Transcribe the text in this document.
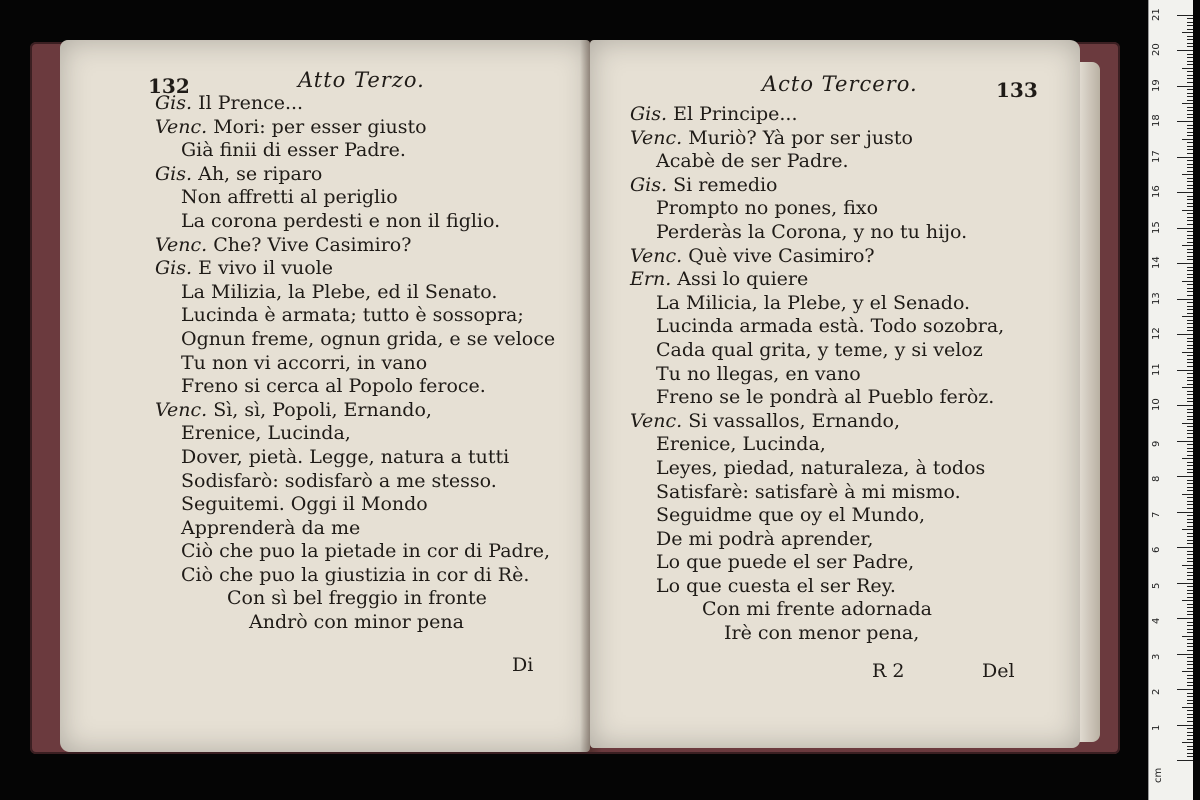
132	Atto Terzo.
Gis. Il Prence...
Venc. Mori: per esser giusto
Già finii di esser Padre.
Gis. Ah, se riparo
Non affretti al periglio
La corona perdesti e non il figlio.
Venc. Che? Vive Casimiro?
Gis. E vivo il vuole
La Milizia, la Plebe, ed il Senato.
Lucinda è armata; tutto è sossopra;
Ognun freme, ognun grida, e se veloce
Tu non vi accorri, in vano
Freno si cerca al Popolo feroce.
Venc. Sì, sì, Popoli, Ernando,
Erenice, Lucinda,
Dover, pietà. Legge, natura a tutti
Sodisfarò: sodisfarò a me stesso.
Seguitemi. Oggi il Mondo
Apprenderà da me
Ciò che puo la pietade in cor di Padre,
Ciò che puo la giustizia in cor di Rè.
Con sì bel freggio in fronte
Andrò con minor pena
Di
Acto Tercero.	133
Gis. El Principe...
Venc. Muriò? Yà por ser justo
Acabè de ser Padre.
Gis. Si remedio
Prompto no pones, fixo
Perderàs la Corona, y no tu hijo.
Venc. Què vive Casimiro?
Ern. Assi lo quiere
La Milicia, la Plebe, y el Senado.
Lucinda armada està. Todo sozobra,
Cada qual grita, y teme, y si veloz
Tu no llegas, en vano
Freno se le pondrà al Pueblo feròz.
Venc. Si vassallos, Ernando,
Erenice, Lucinda,
Leyes, piedad, naturaleza, à todos
Satisfarè: satisfarè à mi mismo.
Seguidme que oy el Mundo,
De mi podrà aprender,
Lo que puede el ser Padre,
Lo que cuesta el ser Rey.
Con mi frente adornada
Irè con menor pena,
R 2	Del
cm
1
2
3
4
5
6
7
8
9
10
11
12
13
14
15
16
17
18
19
20
21
